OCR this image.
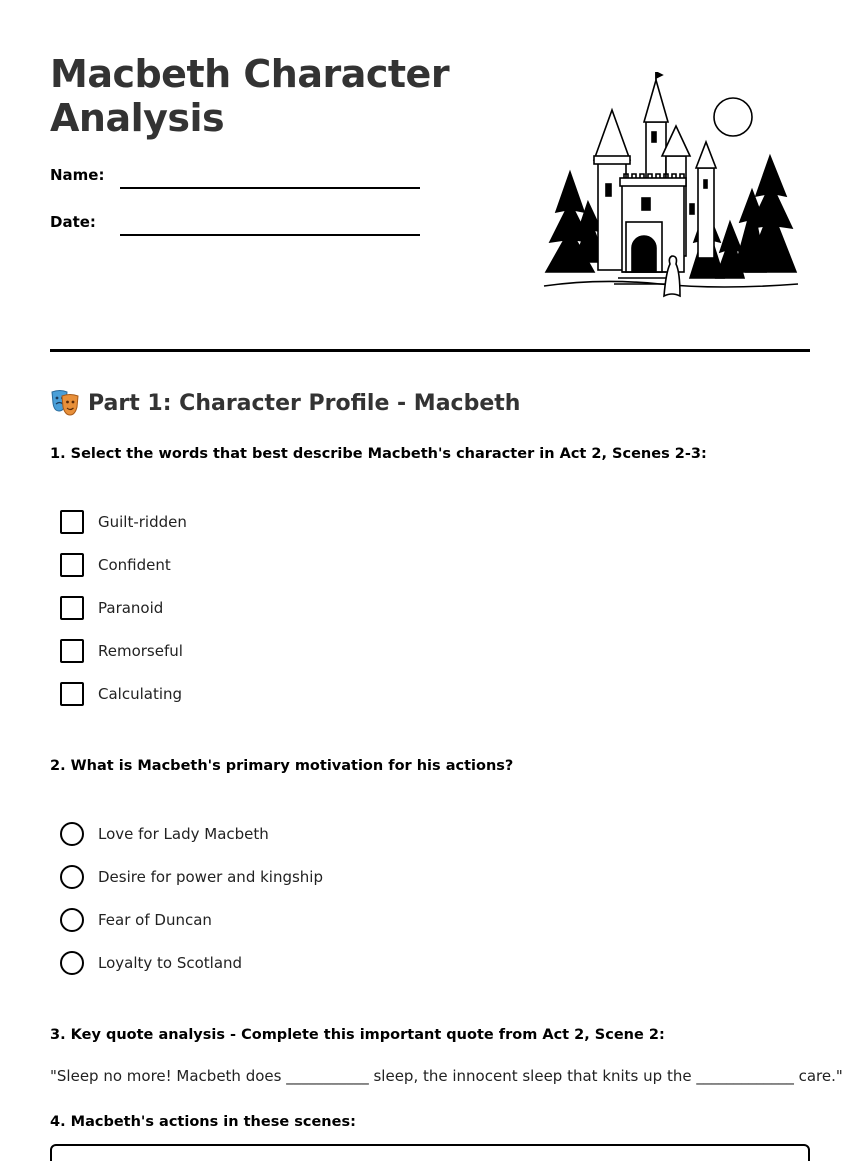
Macbeth Character
Analysis
Name:
Date:
Part 1: Character Profile - Macbeth
1. Select the words that best describe Macbeth's character in Act 2, Scenes 2-3:
Guilt-ridden
Confident
Paranoid
Remorseful
Calculating
2. What is Macbeth's primary motivation for his actions?
Love for Lady Macbeth
Desire for power and kingship
Fear of Duncan
Loyalty to Scotland
3. Key quote analysis - Complete this important quote from Act 2, Scene 2:
"Sleep no more! Macbeth does ___________ sleep, the innocent sleep that knits up the _____________ care."
4. Macbeth's actions in these scenes:
